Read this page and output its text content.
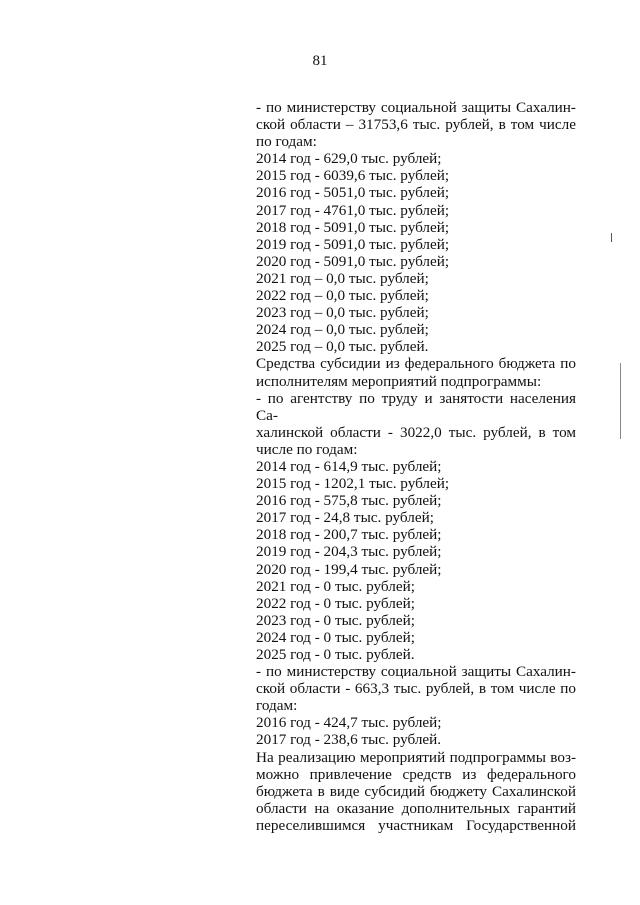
81
- по министерству социальной защиты Сахалин-
ской области – 31753,6 тыс. рублей, в том числе
по годам:
2014 год - 629,0 тыс. рублей;
2015 год - 6039,6 тыс. рублей;
2016 год - 5051,0 тыс. рублей;
2017 год - 4761,0 тыс. рублей;
2018 год - 5091,0 тыс. рублей;
2019 год - 5091,0 тыс. рублей;
2020 год - 5091,0 тыс. рублей;
2021 год – 0,0 тыс. рублей;
2022 год – 0,0 тыс. рублей;
2023 год – 0,0 тыс. рублей;
2024 год – 0,0 тыс. рублей;
2025 год – 0,0 тыс. рублей.
Средства субсидии из федерального бюджета по
исполнителям мероприятий подпрограммы:
- по агентству по труду и занятости населения Са-
халинской области - 3022,0 тыс. рублей, в том
числе по годам:
2014 год - 614,9 тыс. рублей;
2015 год - 1202,1 тыс. рублей;
2016 год - 575,8 тыс. рублей;
2017 год - 24,8 тыс. рублей;
2018 год - 200,7 тыс. рублей;
2019 год - 204,3 тыс. рублей;
2020 год - 199,4 тыс. рублей;
2021 год - 0 тыс. рублей;
2022 год - 0 тыс. рублей;
2023 год - 0 тыс. рублей;
2024 год - 0 тыс. рублей;
2025 год - 0 тыс. рублей.
- по министерству социальной защиты Сахалин-
ской области - 663,3 тыс. рублей, в том числе по
годам:
2016 год - 424,7 тыс. рублей;
2017 год - 238,6 тыс. рублей.
На реализацию мероприятий подпрограммы воз-
можно привлечение средств из федерального
бюджета в виде субсидий бюджету Сахалинской
области на оказание дополнительных гарантий
переселившимся участникам Государственной
